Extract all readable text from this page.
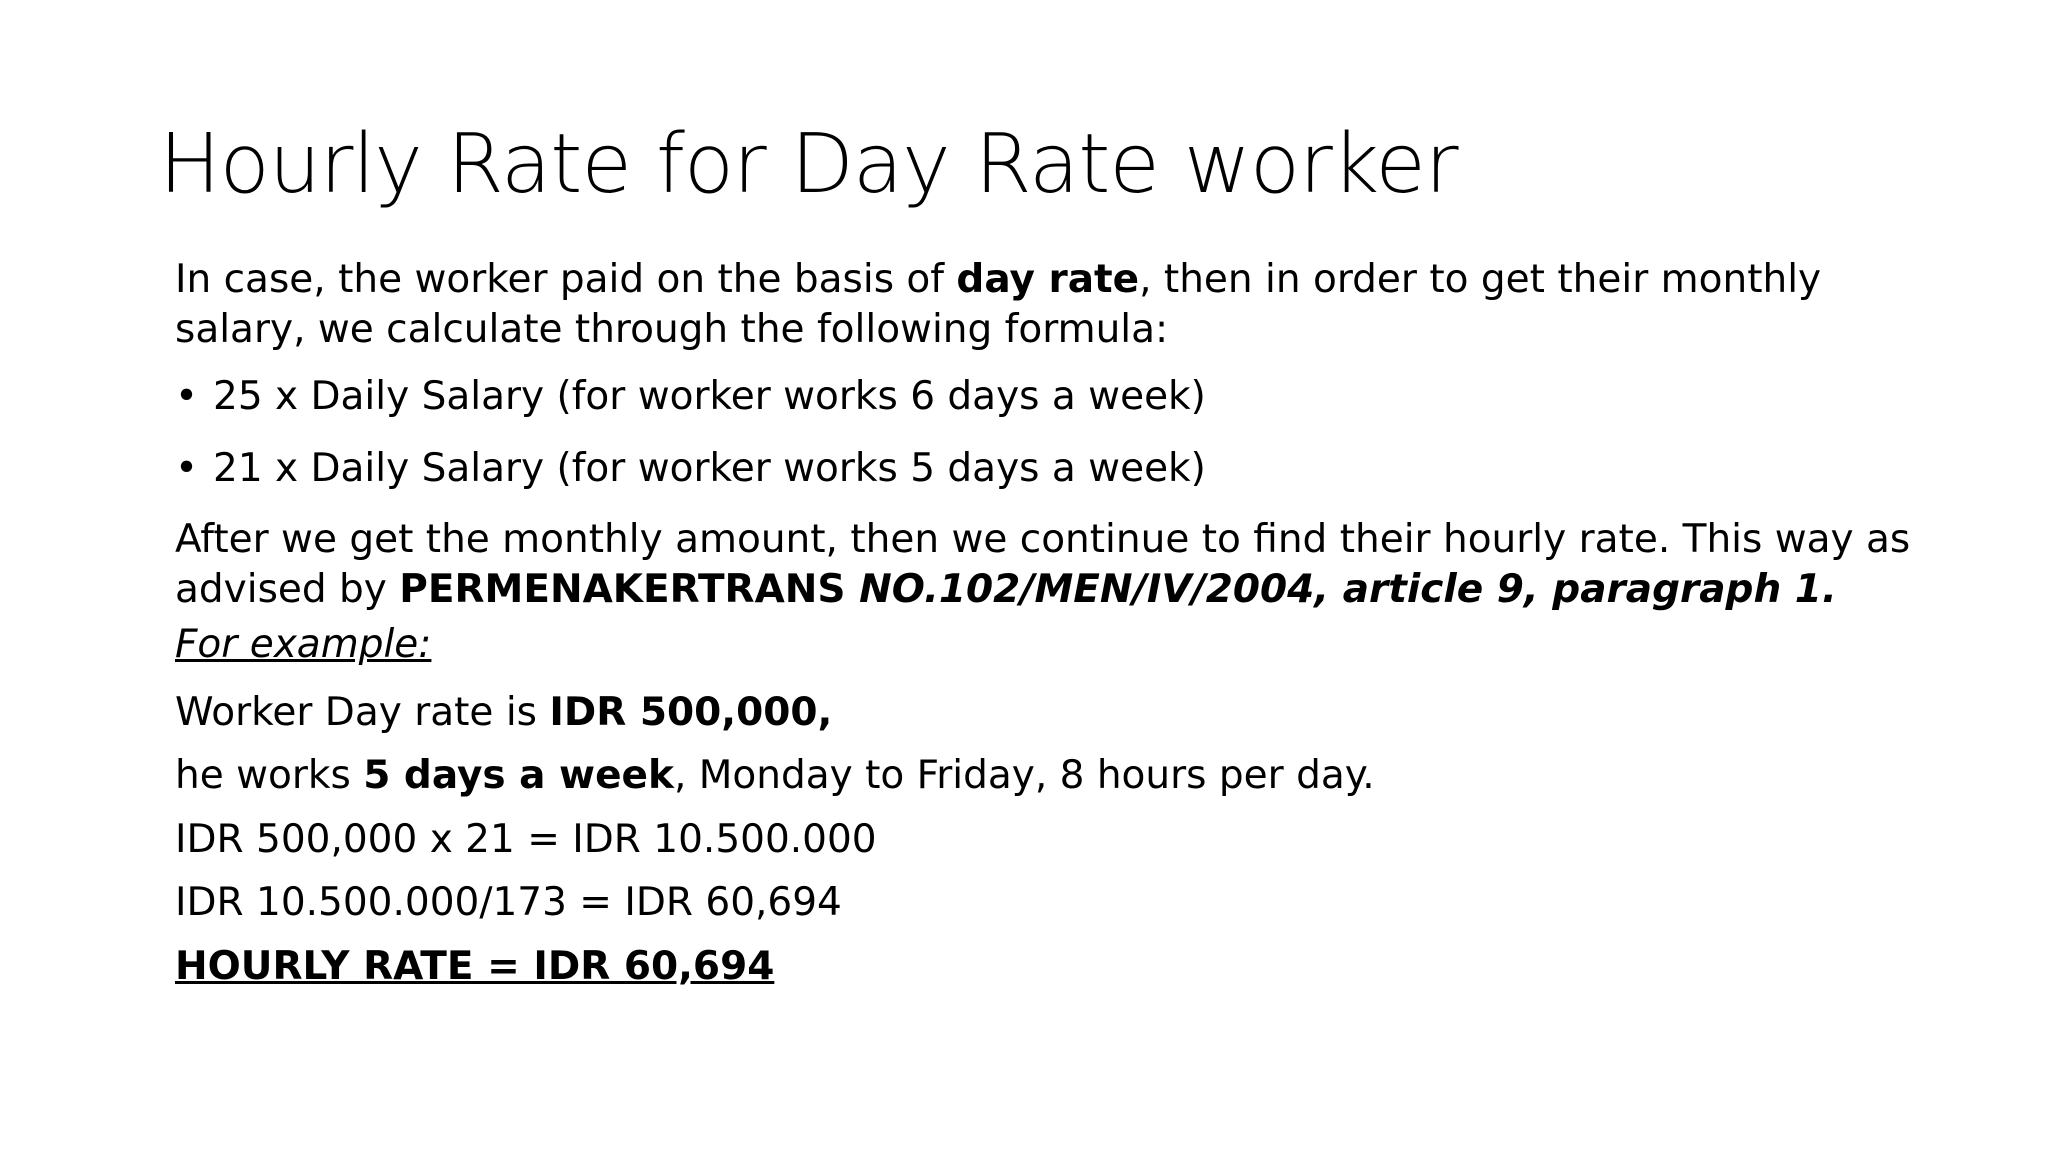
Hourly Rate for Day Rate worker

In case, the worker paid on the basis of day rate, then in order to get their monthly salary, we calculate through the following formula:

• 25 x Daily Salary (for worker works 6 days a week)
• 21 x Daily Salary (for worker works 5 days a week)

After we get the monthly amount, then we continue to find their hourly rate. This way as advised by PERMENAKERTRANS NO.102/MEN/IV/2004, article 9, paragraph 1.

For example:

Worker Day rate is IDR 500,000,

he works 5 days a week, Monday to Friday, 8 hours per day.

IDR 500,000 x 21 = IDR 10.500.000

IDR 10.500.000/173 = IDR 60,694

HOURLY RATE = IDR 60,694
